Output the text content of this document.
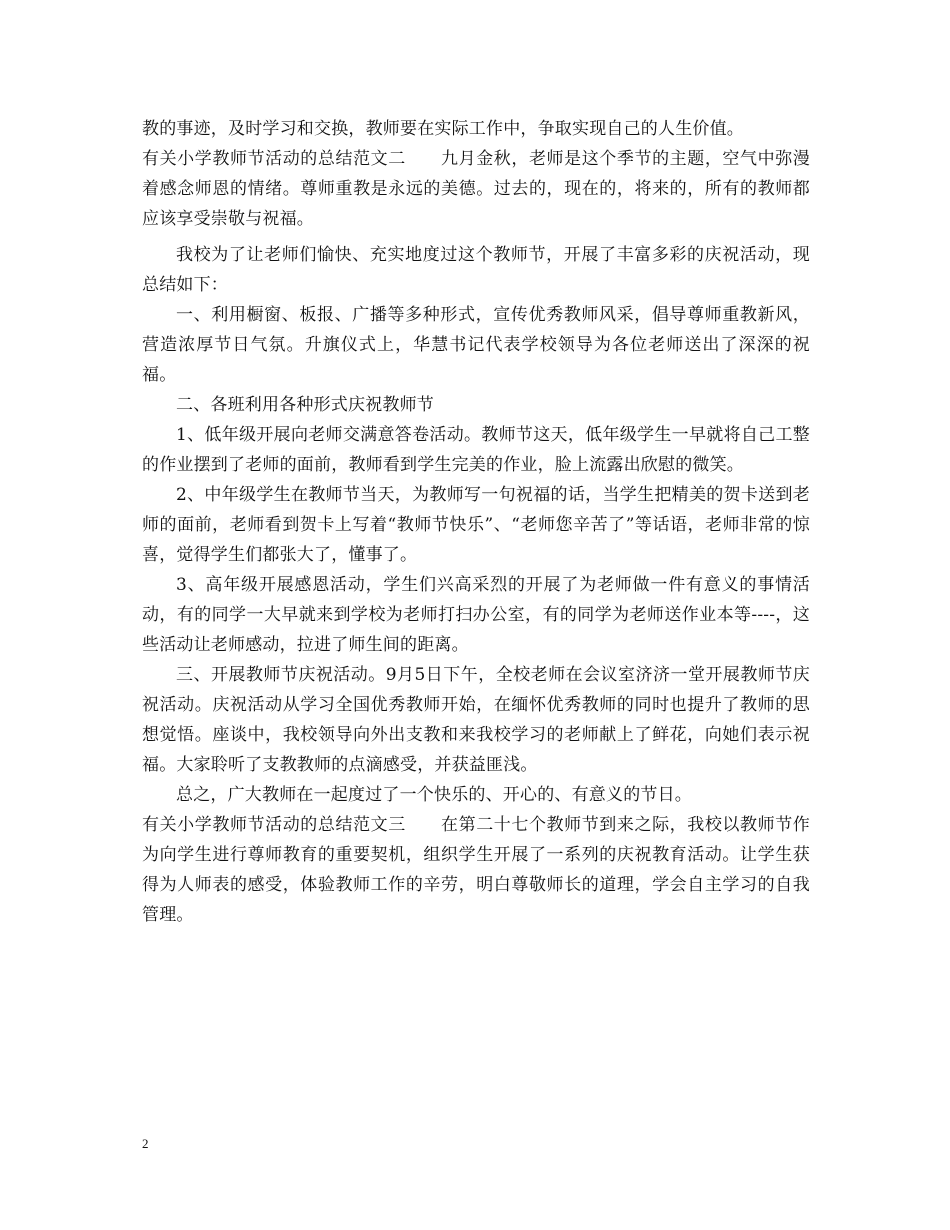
教的事迹，及时学习和交换，教师要在实际工作中，争取实现自己的人生价值。

有关小学教师节活动的总结范文二　　九月金秋，老师是这个季节的主题，空气中弥漫着感念师恩的情绪。尊师重教是永远的美德。过去的，现在的，将来的，所有的教师都应该享受崇敬与祝福。

我校为了让老师们愉快、充实地度过这个教师节，开展了丰富多彩的庆祝活动，现总结如下：

一、利用橱窗、板报、广播等多种形式，宣传优秀教师风采，倡导尊师重教新风，营造浓厚节日气氛。升旗仪式上，华慧书记代表学校领导为各位老师送出了深深的祝福。

二、各班利用各种形式庆祝教师节

1、低年级开展向老师交满意答卷活动。教师节这天，低年级学生一早就将自己工整的作业摆到了老师的面前，教师看到学生完美的作业，脸上流露出欣慰的微笑。

2、中年级学生在教师节当天，为教师写一句祝福的话，当学生把精美的贺卡送到老师的面前，老师看到贺卡上写着“教师节快乐”、“老师您辛苦了”等话语，老师非常的惊喜，觉得学生们都张大了，懂事了。

3、高年级开展感恩活动，学生们兴高采烈的开展了为老师做一件有意义的事情活动，有的同学一大早就来到学校为老师打扫办公室，有的同学为老师送作业本等----，这些活动让老师感动，拉进了师生间的距离。

三、开展教师节庆祝活动。9月5日下午，全校老师在会议室济济一堂开展教师节庆祝活动。庆祝活动从学习全国优秀教师开始，在缅怀优秀教师的同时也提升了教师的思想觉悟。座谈中，我校领导向外出支教和来我校学习的老师献上了鲜花，向她们表示祝福。大家聆听了支教教师的点滴感受，并获益匪浅。

总之，广大教师在一起度过了一个快乐的、开心的、有意义的节日。

有关小学教师节活动的总结范文三　　在第二十七个教师节到来之际，我校以教师节作为向学生进行尊师教育的重要契机，组织学生开展了一系列的庆祝教育活动。让学生获得为人师表的感受，体验教师工作的辛劳，明白尊敬师长的道理，学会自主学习的自我管理。

2
